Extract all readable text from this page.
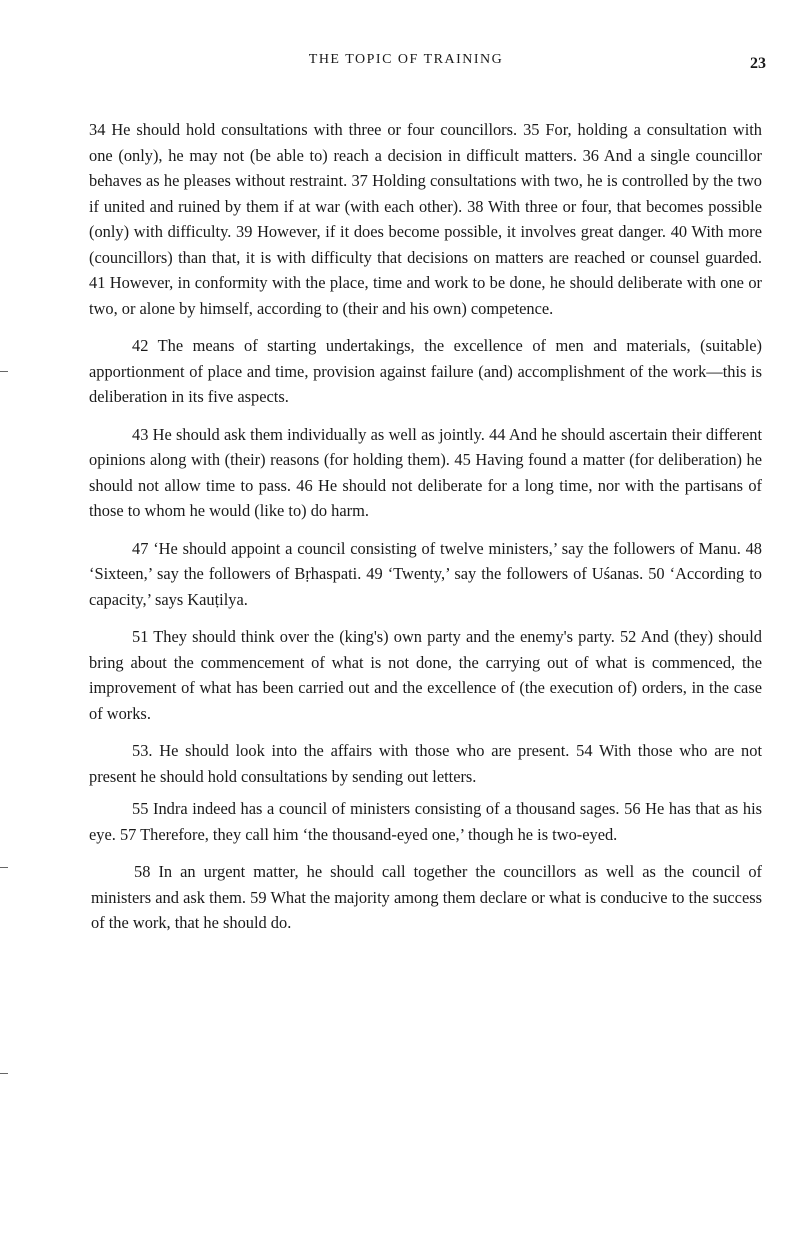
THE TOPIC OF TRAINING	23

34 He should hold consultations with three or four councillors. 35 For, holding a consultation with one (only), he may not (be able to) reach a decision in difficult matters. 36 And a single councillor behaves as he pleases without restraint. 37 Holding consultations with two, he is controlled by the two if united and ruined by them if at war (with each other). 38 With three or four, that becomes possible (only) with difficulty. 39 However, if it does become possible, it involves great danger. 40 With more (councillors) than that, it is with difficulty that decisions on matters are reached or counsel guarded. 41 However, in conformity with the place, time and work to be done, he should deliberate with one or two, or alone by himself, according to (their and his own) competence.

42 The means of starting undertakings, the excellence of men and materials, (suitable) apportionment of place and time, provision against failure (and) accomplishment of the work—this is deliberation in its five aspects.

43 He should ask them individually as well as jointly. 44 And he should ascertain their different opinions along with (their) reasons (for holding them). 45 Having found a matter (for deliberation) he should not allow time to pass. 46 He should not deliberate for a long time, nor with the partisans of those to whom he would (like to) do harm.

47 ‘He should appoint a council consisting of twelve ministers,’ say the followers of Manu. 48 ‘Sixteen,’ say the followers of Bṛhaspati. 49 ‘Twenty,’ say the followers of Uśanas. 50 ‘According to capacity,’ says Kauṭilya.

51 They should think over the (king's) own party and the enemy's party. 52 And (they) should bring about the commencement of what is not done, the carrying out of what is commenced, the improvement of what has been carried out and the excellence of (the execution of) orders, in the case of works.

53. He should look into the affairs with those who are present. 54 With those who are not present he should hold consultations by sending out letters.

55 Indra indeed has a council of ministers consisting of a thousand sages. 56 He has that as his eye. 57 Therefore, they call him ‘the thousand-eyed one,’ though he is two-eyed.

58 In an urgent matter, he should call together the councillors as well as the council of ministers and ask them. 59 What the majority among them declare or what is conducive to the success of the work, that he should do.
